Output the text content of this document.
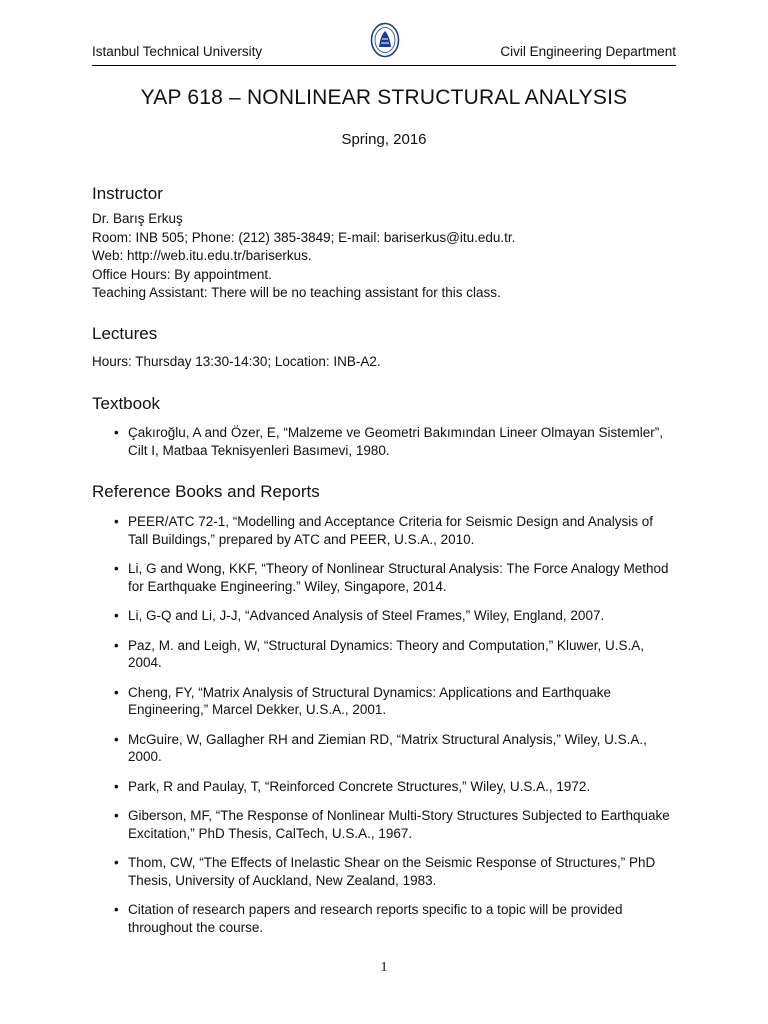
Istanbul Technical University	Civil Engineering Department
YAP 618 – NONLINEAR STRUCTURAL ANALYSIS
Spring, 2016
Instructor
Dr. Barış Erkuş
Room: INB 505; Phone: (212) 385-3849; E-mail: bariserkus@itu.edu.tr.
Web: http://web.itu.edu.tr/bariserkus.
Office Hours: By appointment.
Teaching Assistant: There will be no teaching assistant for this class.
Lectures
Hours: Thursday 13:30-14:30; Location: INB-A2.
Textbook
• Çakıroğlu, A and Özer, E, “Malzeme ve Geometri Bakımından Lineer Olmayan Sistemler”, Cilt I, Matbaa Teknisyenleri Basımevi, 1980.
Reference Books and Reports
• PEER/ATC 72-1, “Modelling and Acceptance Criteria for Seismic Design and Analysis of Tall Buildings,” prepared by ATC and PEER, U.S.A., 2010.
• Li, G and Wong, KKF, “Theory of Nonlinear Structural Analysis: The Force Analogy Method for Earthquake Engineering.” Wiley, Singapore, 2014.
• Li, G-Q and Li, J-J, “Advanced Analysis of Steel Frames,” Wiley, England, 2007.
• Paz, M. and Leigh, W, “Structural Dynamics: Theory and Computation,” Kluwer, U.S.A, 2004.
• Cheng, FY, “Matrix Analysis of Structural Dynamics: Applications and Earthquake Engineering,” Marcel Dekker, U.S.A., 2001.
• McGuire, W, Gallagher RH and Ziemian RD, “Matrix Structural Analysis,” Wiley, U.S.A., 2000.
• Park, R and Paulay, T, “Reinforced Concrete Structures,” Wiley, U.S.A., 1972.
• Giberson, MF, “The Response of Nonlinear Multi-Story Structures Subjected to Earthquake Excitation,” PhD Thesis, CalTech, U.S.A., 1967.
• Thom, CW, “The Effects of Inelastic Shear on the Seismic Response of Structures,” PhD Thesis, University of Auckland, New Zealand, 1983.
• Citation of research papers and research reports specific to a topic will be provided throughout the course.
1
